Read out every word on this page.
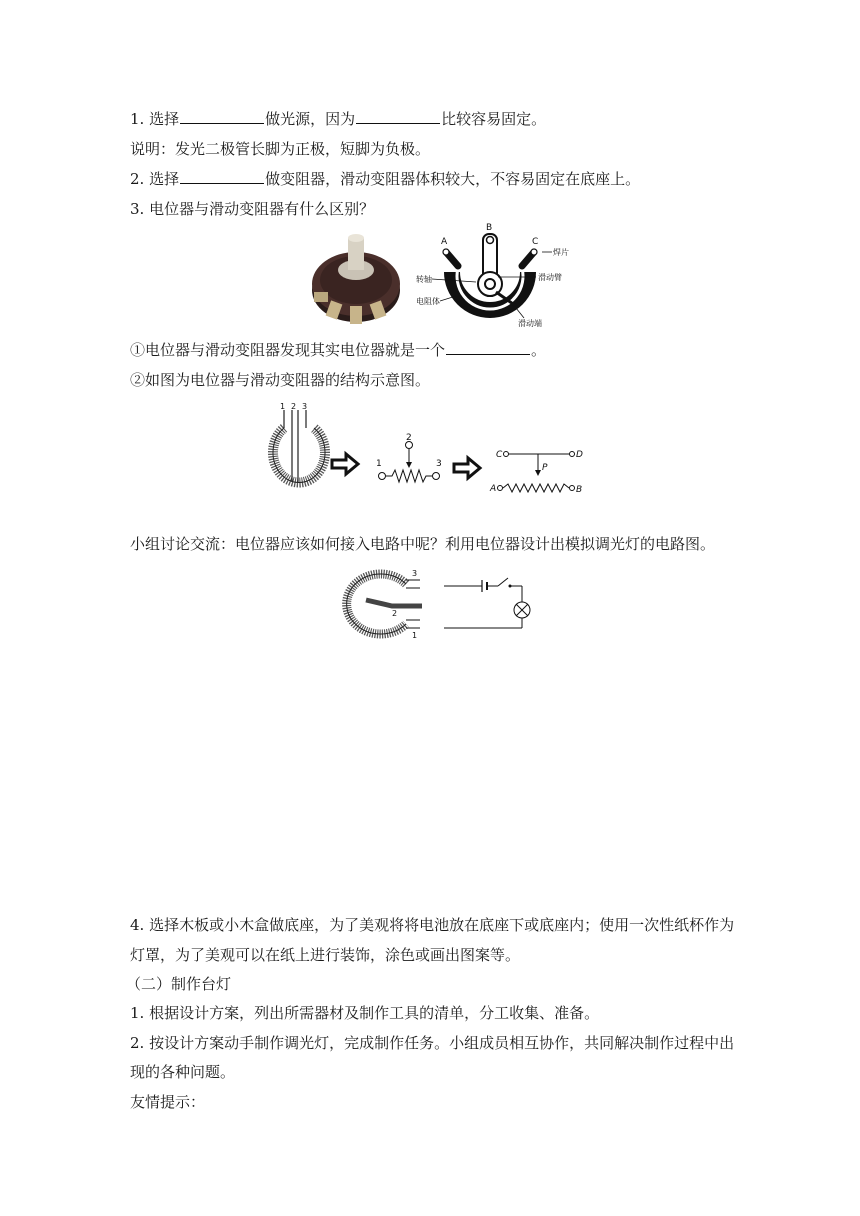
1. 选择	做光源，因为	比较容易固定。
说明：发光二极管长脚为正极，短脚为负极。
2. 选择	做变阻器，滑动变阻器体积较大，不容易固定在底座上。
3. 电位器与滑动变阻器有什么区别？
A
B
C
焊片
转轴	滑动臂
电阻体
滑动端
①电位器与滑动变阻器发现其实电位器就是一个	。
②如图为电位器与滑动变阻器的结构示意图。
1 2 3
2
1	3
C	D
P
A	B
小组讨论交流：电位器应该如何接入电路中呢？利用电位器设计出模拟调光灯的电路图。
3
2
1
4. 选择木板或小木盒做底座，为了美观将将电池放在底座下或底座内；使用一次性纸杯作为
灯罩，为了美观可以在纸上进行装饰，涂色或画出图案等。
（二）制作台灯
1. 根据设计方案，列出所需器材及制作工具的清单，分工收集、准备。
2. 按设计方案动手制作调光灯，完成制作任务。小组成员相互协作，共同解决制作过程中出
现的各种问题。
友情提示：
